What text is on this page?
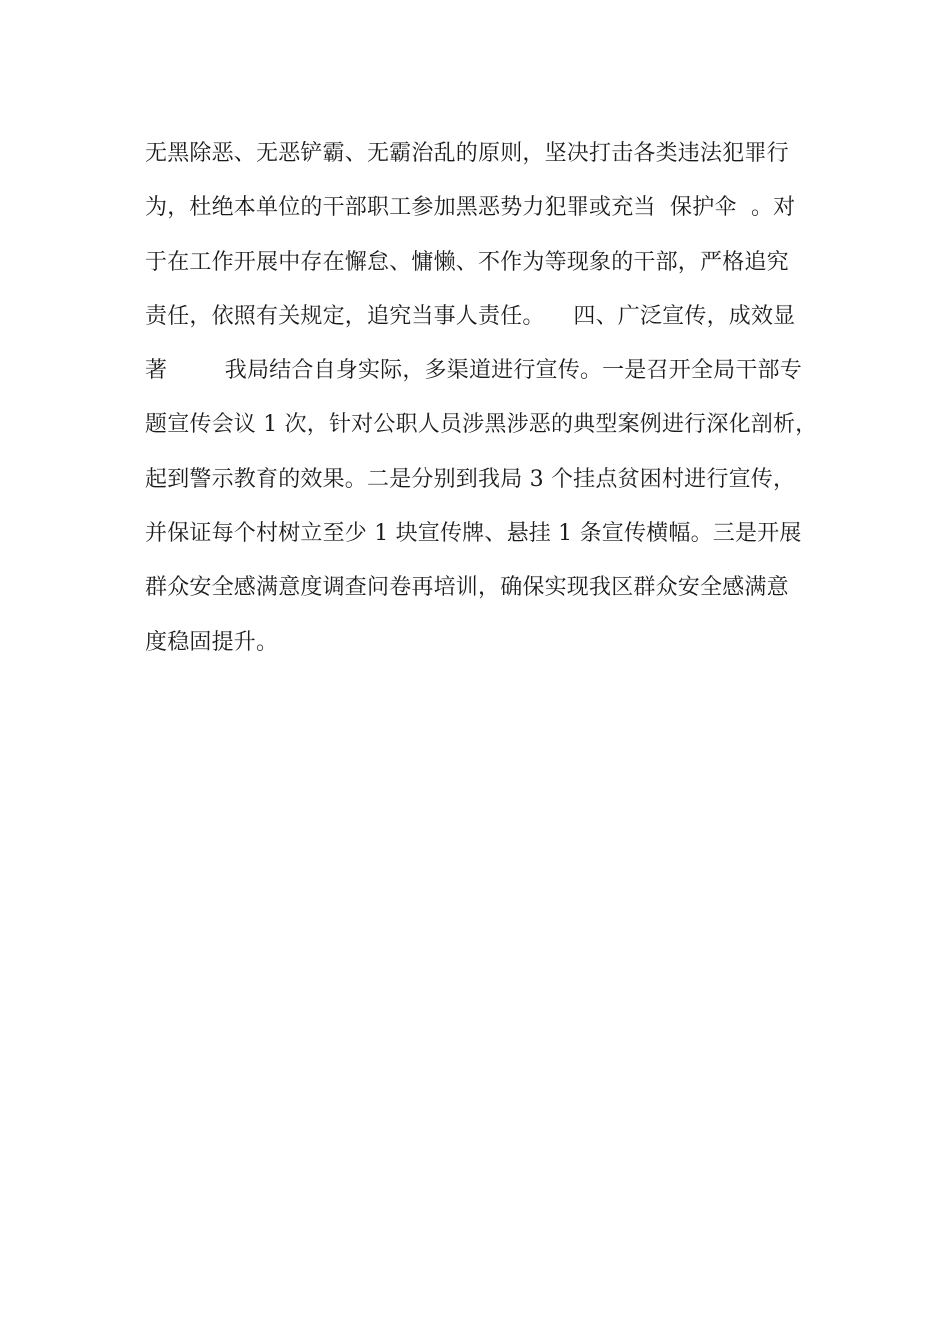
无黑除恶、无恶铲霸、无霸治乱的原则，坚决打击各类违法犯罪行
为，杜绝本单位的干部职工参加黑恶势力犯罪或充当  保护伞  。对
于在工作开展中存在懈怠、慵懒、不作为等现象的干部，严格追究
责任，依照有关规定，追究当事人责任。    四、广泛宣传，成效显
著        我局结合自身实际，多渠道进行宣传。一是召开全局干部专
题宣传会议 1 次，针对公职人员涉黑涉恶的典型案例进行深化剖析，
起到警示教育的效果。二是分别到我局 3 个挂点贫困村进行宣传，
并保证每个村树立至少 1 块宣传牌、悬挂 1 条宣传横幅。三是开展
群众安全感满意度调查问卷再培训，确保实现我区群众安全感满意
度稳固提升。
